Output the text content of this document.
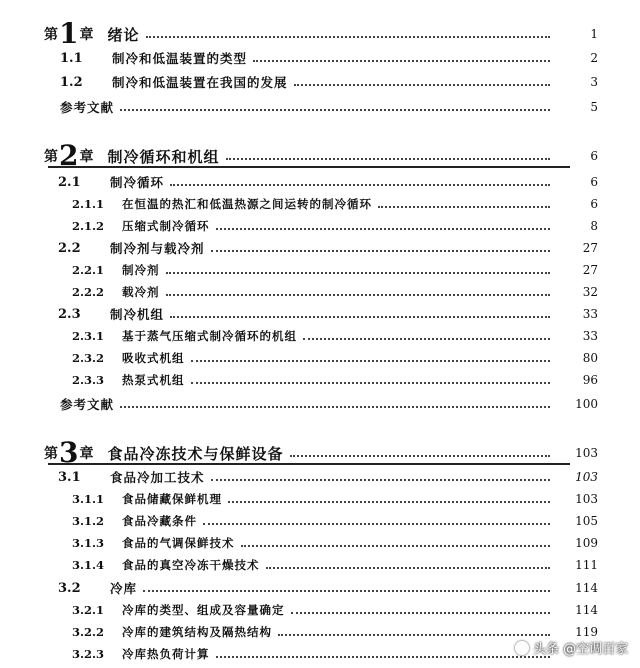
第 1 章 绪论	1
1.1	制冷和低温装置的类型	2
1.2	制冷和低温装置在我国的发展	3
参考文献	5
第 2 章 制冷循环和机组	6
2.1	制冷循环	6
2.1.1	在恒温的热汇和低温热源之间运转的制冷循环	6
2.1.2	压缩式制冷循环	8
2.2	制冷剂与载冷剂	27
2.2.1	制冷剂	27
2.2.2	载冷剂	32
2.3	制冷机组	33
2.3.1	基于蒸气压缩式制冷循环的机组	33
2.3.2	吸收式机组	80
2.3.3	热泵式机组	96
参考文献	100
第 3 章 食品冷冻技术与保鲜设备	103
3.1	食品冷加工技术	103
3.1.1	食品储藏保鲜机理	103
3.1.2	食品冷藏条件	105
3.1.3	食品的气调保鲜技术	109
3.1.4	食品的真空冷冻干燥技术	111
3.2	冷库	114
3.2.1	冷库的类型、组成及容量确定	114
3.2.2	冷库的建筑结构及隔热结构	119
3.2.3	冷库热负荷计算	头条 @空调百家
